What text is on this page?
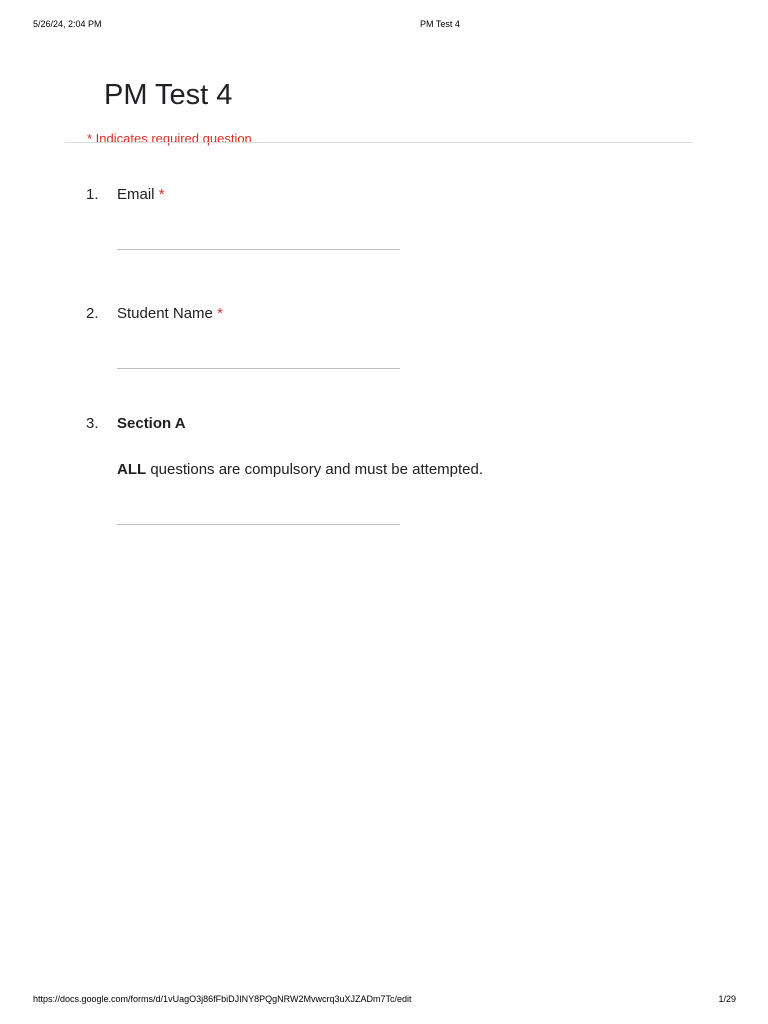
5/26/24, 2:04 PM	PM Test 4
PM Test 4
* Indicates required question
1. Email *
2. Student Name *
3. Section A
ALL questions are compulsory and must be attempted.
https://docs.google.com/forms/d/1vUagO3j86fFbiDJINY8PQgNRW2Mvwcrq3uXJZADm7Tc/edit	1/29
